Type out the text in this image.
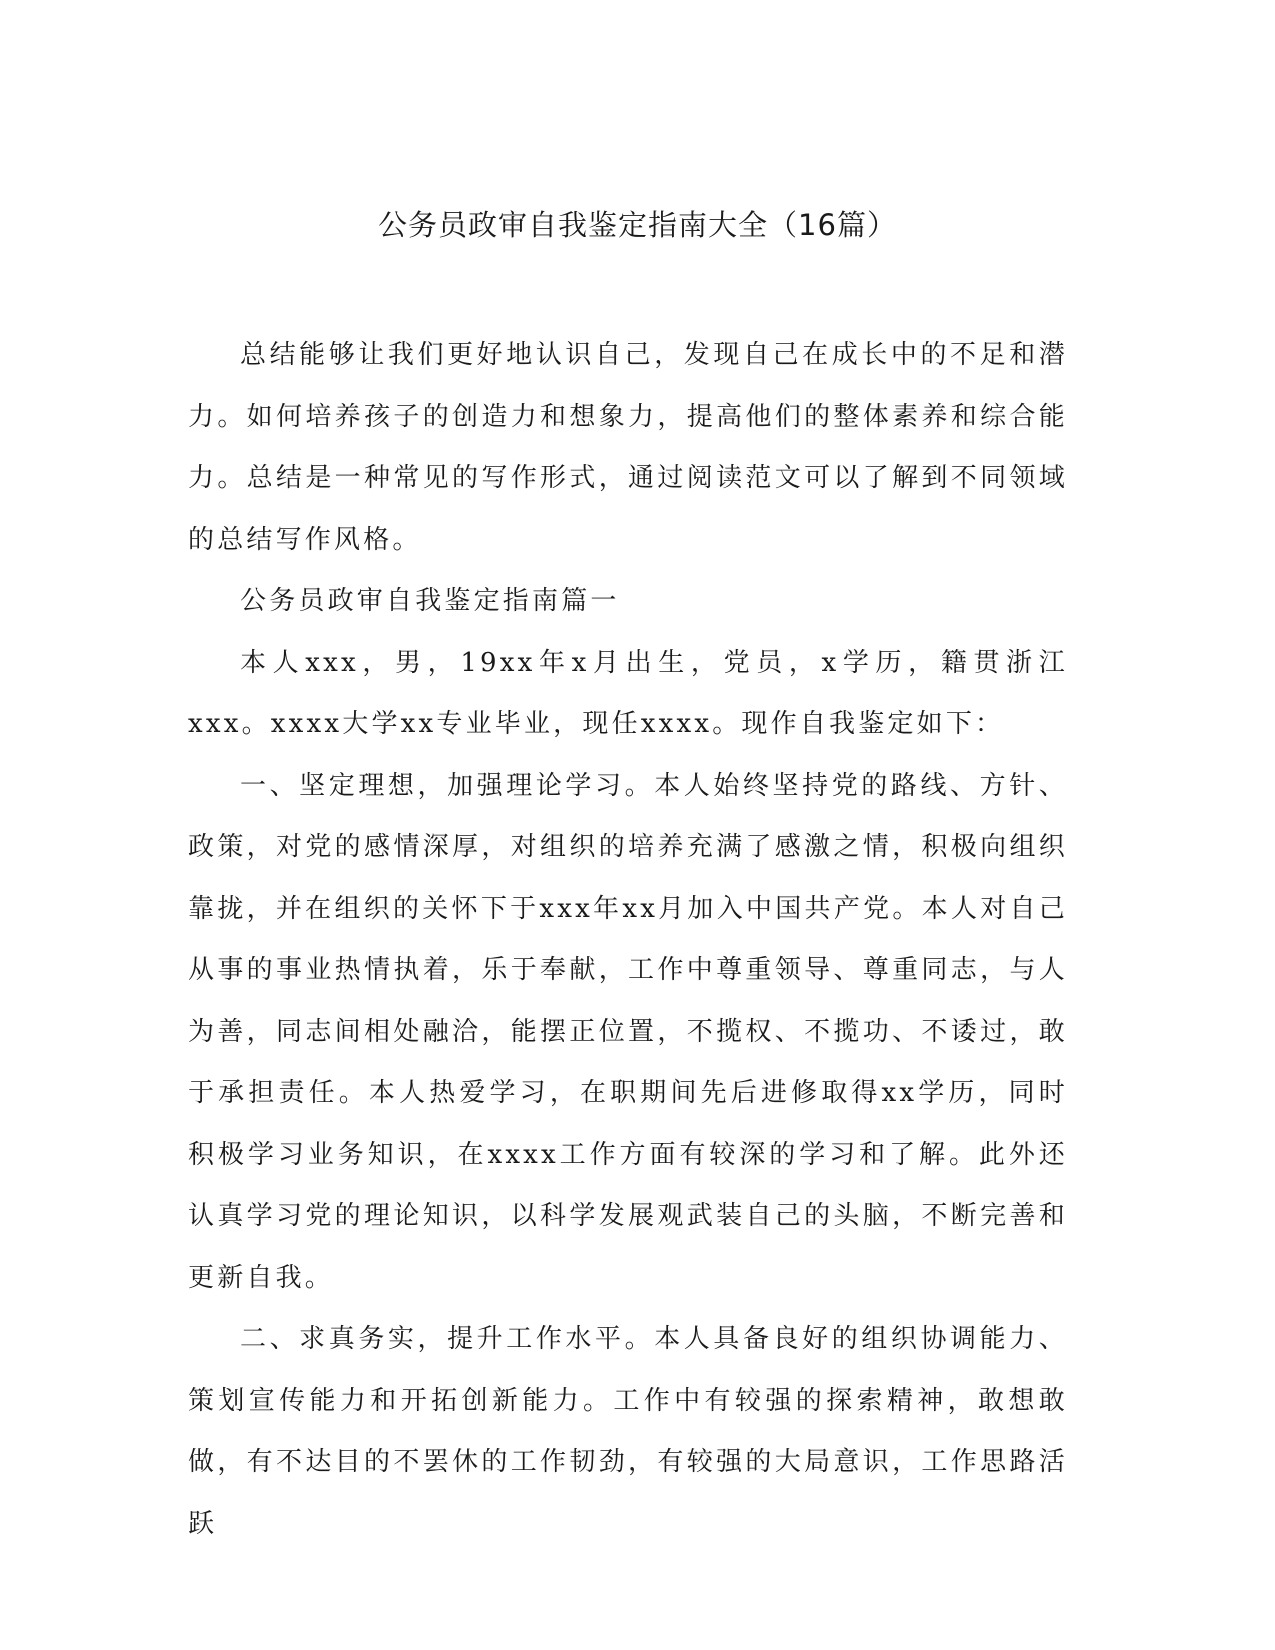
公务员政审自我鉴定指南大全（16篇）

总结能够让我们更好地认识自己，发现自己在成长中的不足和潜力。如何培养孩子的创造力和想象力，提高他们的整体素养和综合能力。总结是一种常见的写作形式，通过阅读范文可以了解到不同领域的总结写作风格。

公务员政审自我鉴定指南篇一

本人xxx，男，19xx年x月出生，党员，x学历，籍贯浙江xxx。xxxx大学xx专业毕业，现任xxxx。现作自我鉴定如下：

一、坚定理想，加强理论学习。本人始终坚持党的路线、方针、政策，对党的感情深厚，对组织的培养充满了感激之情，积极向组织靠拢，并在组织的关怀下于xxx年xx月加入中国共产党。本人对自己从事的事业热情执着，乐于奉献，工作中尊重领导、尊重同志，与人为善，同志间相处融洽，能摆正位置，不揽权、不揽功、不诿过，敢于承担责任。本人热爱学习，在职期间先后进修取得xx学历，同时积极学习业务知识，在xxxx工作方面有较深的学习和了解。此外还认真学习党的理论知识，以科学发展观武装自己的头脑，不断完善和更新自我。

二、求真务实，提升工作水平。本人具备良好的组织协调能力、策划宣传能力和开拓创新能力。工作中有较强的探索精神，敢想敢做，有不达目的不罢休的工作韧劲，有较强的大局意识，工作思路活跃
